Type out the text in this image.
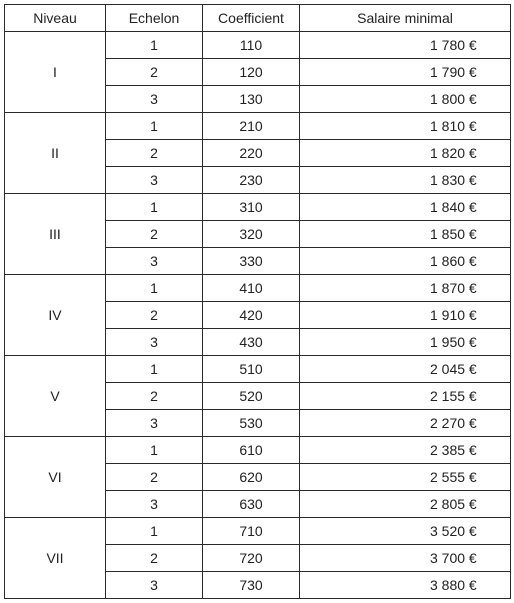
Niveau	Echelon	Coefficient	Salaire minimal
I	1	110	1 780 €
	2	120	1 790 €
	3	130	1 800 €
II	1	210	1 810 €
	2	220	1 820 €
	3	230	1 830 €
III	1	310	1 840 €
	2	320	1 850 €
	3	330	1 860 €
IV	1	410	1 870 €
	2	420	1 910 €
	3	430	1 950 €
V	1	510	2 045 €
	2	520	2 155 €
	3	530	2 270 €
VI	1	610	2 385 €
	2	620	2 555 €
	3	630	2 805 €
VII	1	710	3 520 €
	2	720	3 700 €
	3	730	3 880 €
